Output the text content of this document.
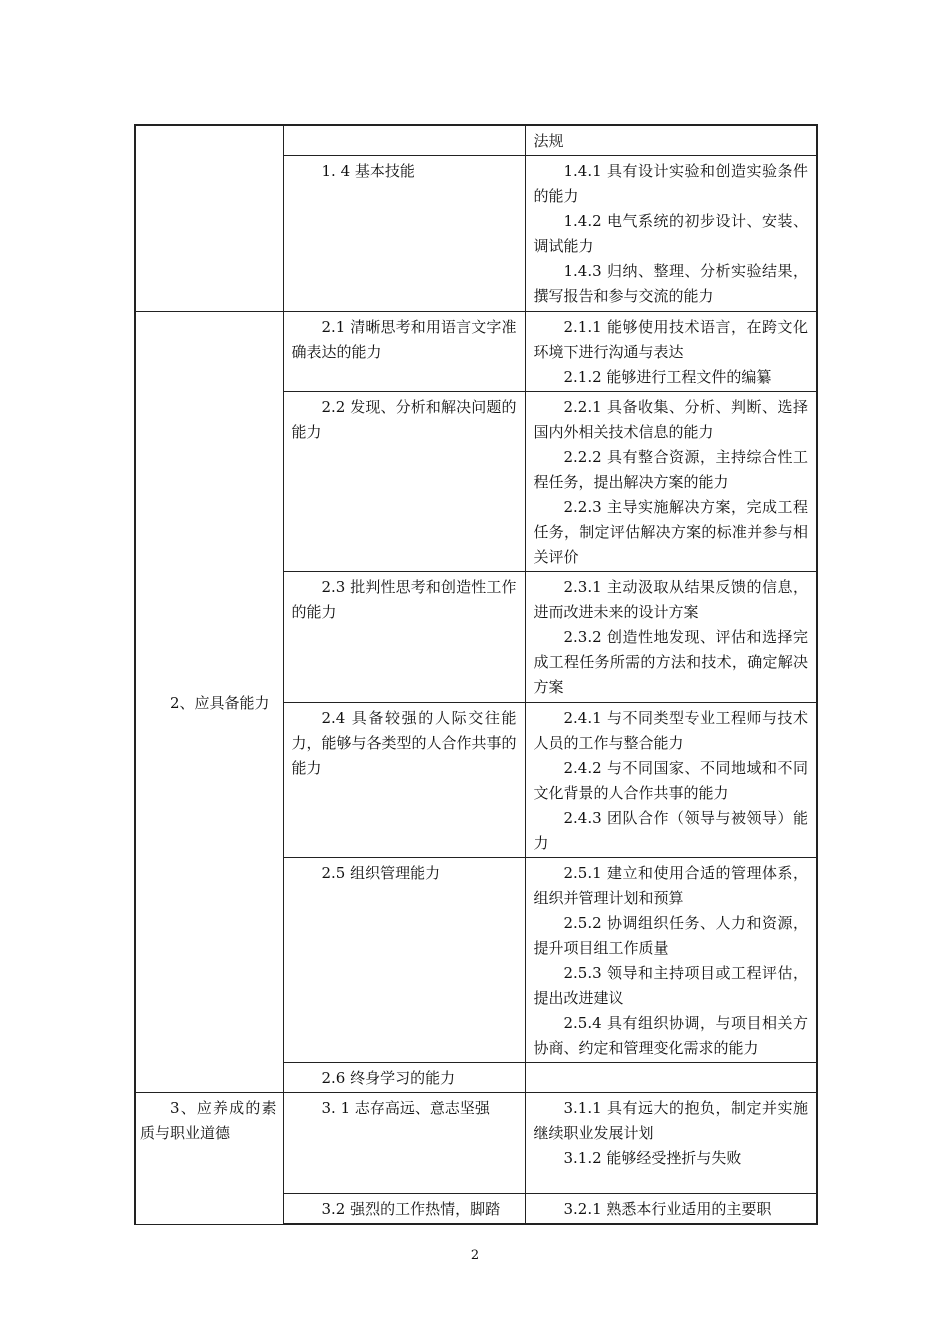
		法规

	1. 4 基本技能	1.4.1 具有设计实验和创造实验条件的能力

1.4.2 电气系统的初步设计、安装、调试能力

1.4.3 归纳、整理、分析实验结果，撰写报告和参与交流的能力

2、应具备能力	2.1 清晰思考和用语言文字准确表达的能力	2.1.1 能够使用技术语言，在跨文化环境下进行沟通与表达

2.1.2 能够进行工程文件的编纂

	2.2 发现、分析和解决问题的能力	2.2.1 具备收集、分析、判断、选择国内外相关技术信息的能力

2.2.2 具有整合资源，主持综合性工程任务，提出解决方案的能力

2.2.3 主导实施解决方案，完成工程任务，制定评估解决方案的标准并参与相关评价

	2.3 批判性思考和创造性工作的能力	2.3.1 主动汲取从结果反馈的信息，进而改进未来的设计方案

2.3.2 创造性地发现、评估和选择完成工程任务所需的方法和技术，确定解决方案

	2.4 具备较强的人际交往能力，能够与各类型的人合作共事的能力	2.4.1 与不同类型专业工程师与技术人员的工作与整合能力

2.4.2 与不同国家、不同地域和不同文化背景的人合作共事的能力

2.4.3 团队合作（领导与被领导）能力

	2.5 组织管理能力	2.5.1 建立和使用合适的管理体系，组织并管理计划和预算

2.5.2 协调组织任务、人力和资源，提升项目组工作质量

2.5.3 领导和主持项目或工程评估，提出改进建议

2.5.4 具有组织协调，与项目相关方协商、约定和管理变化需求的能力

	2.6 终身学习的能力	

3、应养成的素质与职业道德	3. 1 志存高远、意志坚强	3.1.1 具有远大的抱负，制定并实施继续职业发展计划

3.1.2 能够经受挫折与失败

	3.2 强烈的工作热情，脚踏	3.2.1 熟悉本行业适用的主要职

2
